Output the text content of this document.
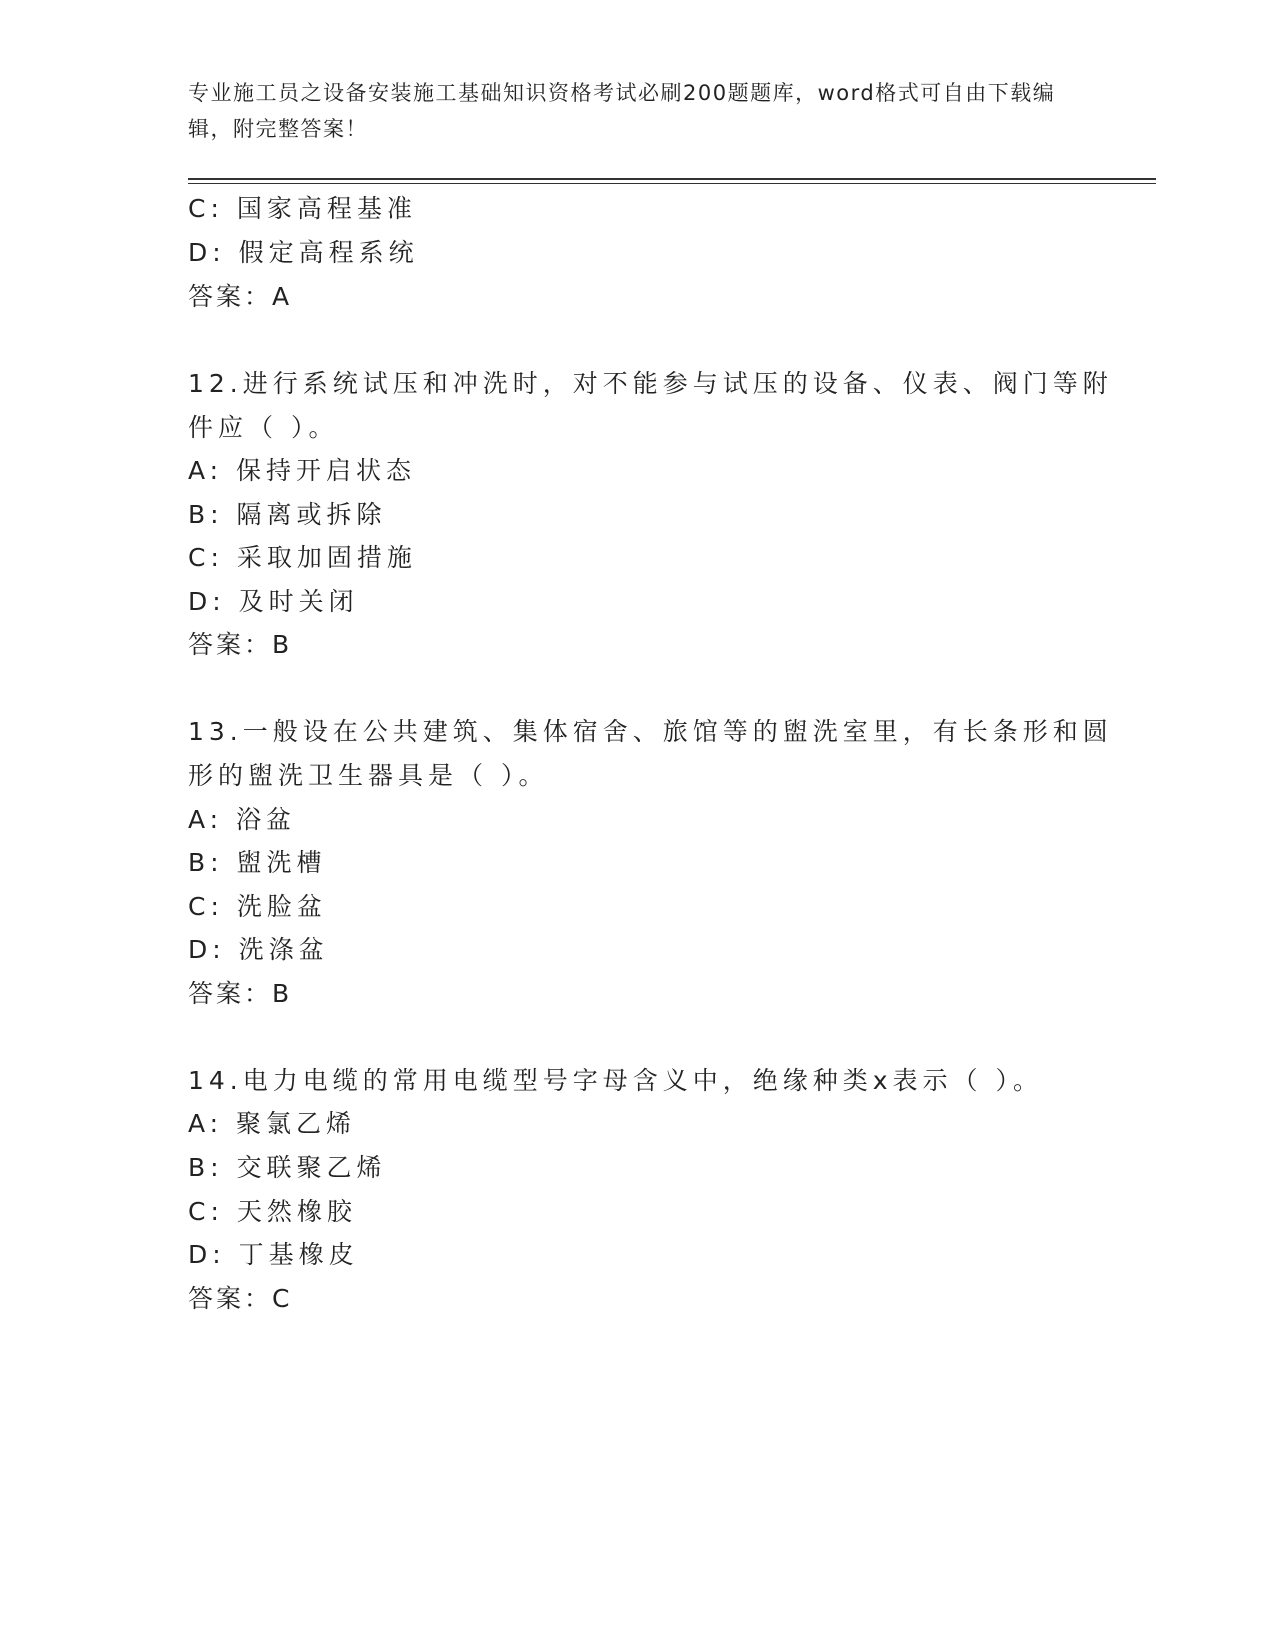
专业施工员之设备安装施工基础知识资格考试必刷200题题库，word格式可自由下载编辑，附完整答案！
C: 国家高程基准
D: 假定高程系统
答案：A
12.进行系统试压和冲洗时，对不能参与试压的设备、仪表、阀门等附
件应（ ）。
A: 保持开启状态
B: 隔离或拆除
C: 采取加固措施
D: 及时关闭
答案：B
13.一般设在公共建筑、集体宿舍、旅馆等的盥洗室里，有长条形和圆
形的盥洗卫生器具是（ ）。
A: 浴盆
B: 盥洗槽
C: 洗脸盆
D: 洗涤盆
答案：B
14.电力电缆的常用电缆型号字母含义中，绝缘种类x表示（ ）。
A: 聚氯乙烯
B: 交联聚乙烯
C: 天然橡胶
D: 丁基橡皮
答案：C
